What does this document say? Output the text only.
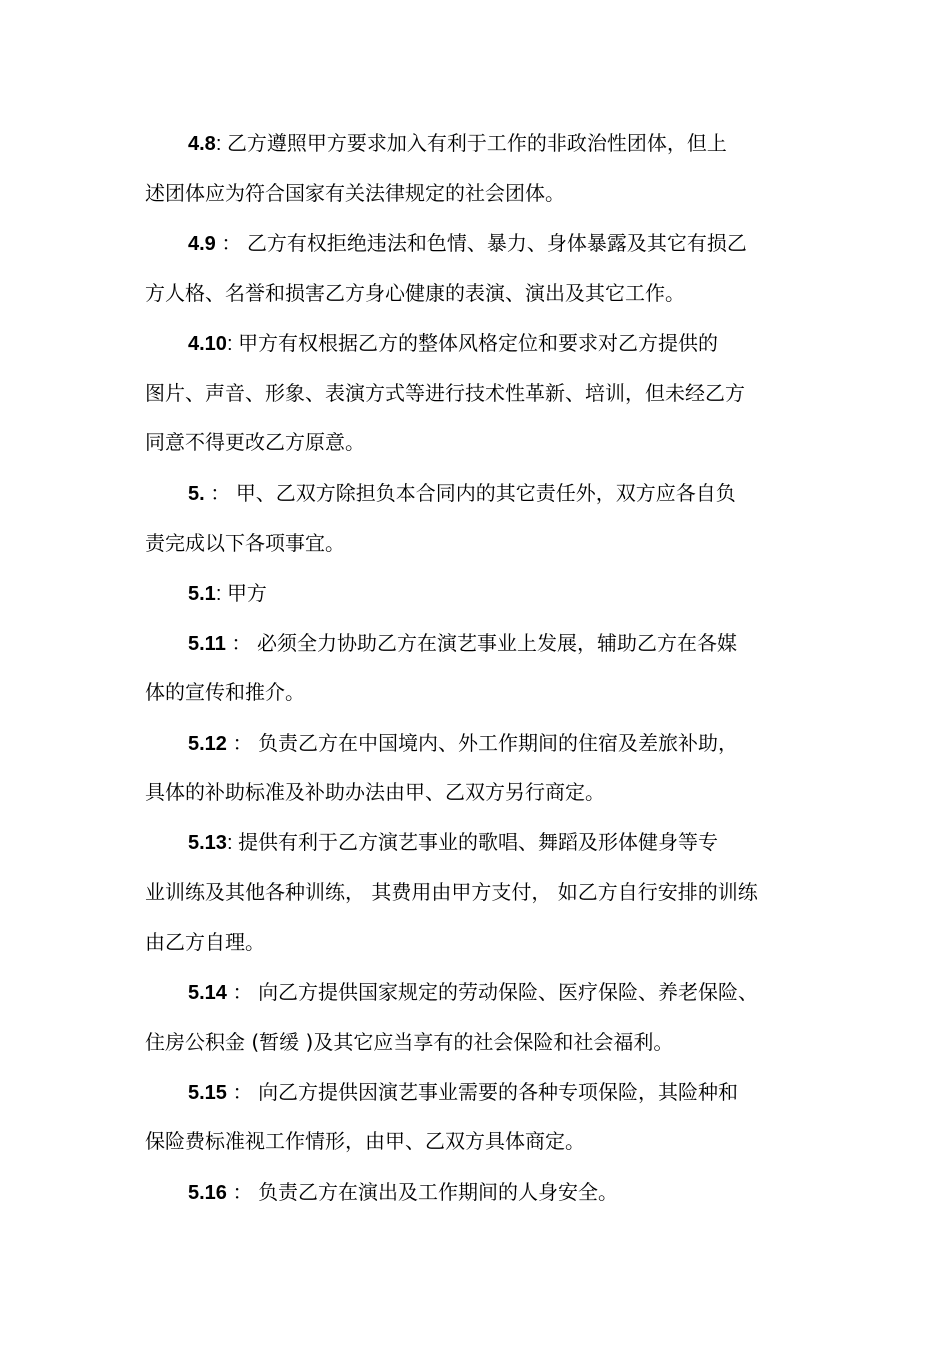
4.8: 乙方遵照甲方要求加入有利于工作的非政治性团体，但上
述团体应为符合国家有关法律规定的社会团体。
4.9 ： 乙方有权拒绝违法和色情、暴力、身体暴露及其它有损乙
方人格、名誉和损害乙方身心健康的表演、演出及其它工作。
4.10: 甲方有权根据乙方的整体风格定位和要求对乙方提供的
图片、声音、形象、表演方式等进行技术性革新、培训，但未经乙方
同意不得更改乙方原意。
5. ： 甲、乙双方除担负本合同内的其它责任外，双方应各自负
责完成以下各项事宜。
5.1: 甲方
5.11 ： 必须全力协助乙方在演艺事业上发展，辅助乙方在各媒
体的宣传和推介。
5.12 ： 负责乙方在中国境内、外工作期间的住宿及差旅补助，
具体的补助标准及补助办法由甲、乙双方另行商定。
5.13: 提供有利于乙方演艺事业的歌唱、舞蹈及形体健身等专
业训练及其他各种训练， 其费用由甲方支付， 如乙方自行安排的训练
由乙方自理。
5.14 ： 向乙方提供国家规定的劳动保险、医疗保险、养老保险、
住房公积金 (暂缓 )及其它应当享有的社会保险和社会福利。
5.15 ： 向乙方提供因演艺事业需要的各种专项保险，其险种和
保险费标准视工作情形，由甲、乙双方具体商定。
5.16 ： 负责乙方在演出及工作期间的人身安全。
